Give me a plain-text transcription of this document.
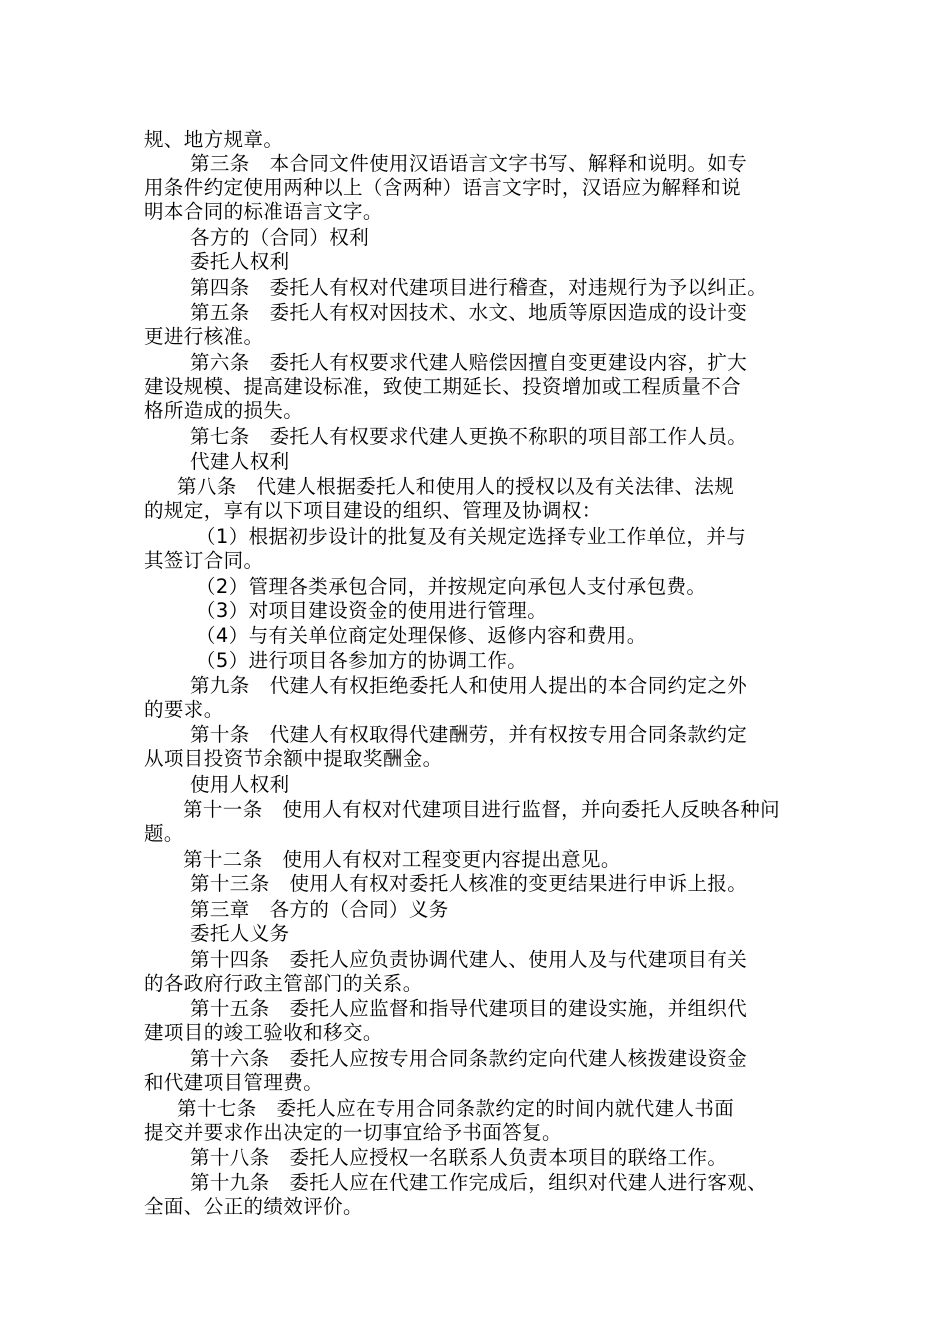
规、地方规章。
第三条　本合同文件使用汉语语言文字书写、解释和说明。如专
用条件约定使用两种以上（含两种）语言文字时，汉语应为解释和说
明本合同的标准语言文字。
各方的（合同）权利
委托人权利
第四条　委托人有权对代建项目进行稽查，对违规行为予以纠正。
第五条　委托人有权对因技术、水文、地质等原因造成的设计变
更进行核准。
第六条　委托人有权要求代建人赔偿因擅自变更建设内容，扩大
建设规模、提高建设标准，致使工期延长、投资增加或工程质量不合
格所造成的损失。
第七条　委托人有权要求代建人更换不称职的项目部工作人员。
代建人权利
第八条　代建人根据委托人和使用人的授权以及有关法律、法规
的规定，享有以下项目建设的组织、管理及协调权：
（1）根据初步设计的批复及有关规定选择专业工作单位，并与
其签订合同。
（2）管理各类承包合同，并按规定向承包人支付承包费。
（3）对项目建设资金的使用进行管理。
（4）与有关单位商定处理保修、返修内容和费用。
（5）进行项目各参加方的协调工作。
第九条　代建人有权拒绝委托人和使用人提出的本合同约定之外
的要求。
第十条　代建人有权取得代建酬劳，并有权按专用合同条款约定
从项目投资节余额中提取奖酬金。
使用人权利
第十一条　使用人有权对代建项目进行监督，并向委托人反映各种问
题。
第十二条　使用人有权对工程变更内容提出意见。
第十三条　使用人有权对委托人核准的变更结果进行申诉上报。
第三章　各方的（合同）义务
委托人义务
第十四条　委托人应负责协调代建人、使用人及与代建项目有关
的各政府行政主管部门的关系。
第十五条　委托人应监督和指导代建项目的建设实施，并组织代
建项目的竣工验收和移交。
第十六条　委托人应按专用合同条款约定向代建人核拨建设资金
和代建项目管理费。
第十七条　委托人应在专用合同条款约定的时间内就代建人书面
提交并要求作出决定的一切事宜给予书面答复。
第十八条　委托人应授权一名联系人负责本项目的联络工作。
第十九条　委托人应在代建工作完成后，组织对代建人进行客观、
全面、公正的绩效评价。
